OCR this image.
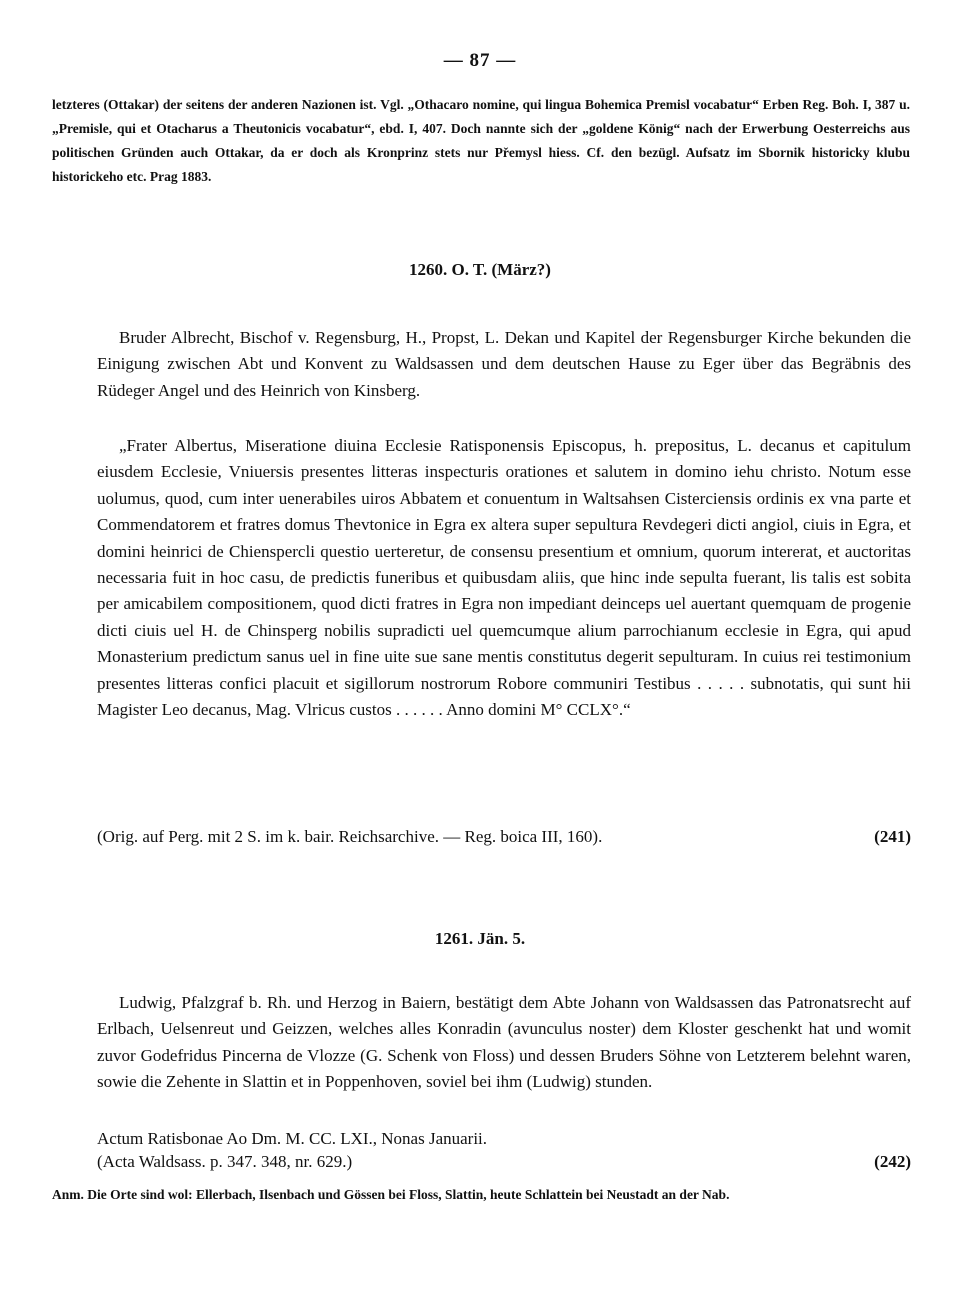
— 87 —
letzteres (Ottakar) der seitens der anderen Nazionen ist. Vgl. „Othacaro nomine, qui lingua Bohemica Premisl vocabatur“ Erben Reg. Boh. I, 387 u. „Premisle, qui et Otacharus a Theutonicis vocabatur“, ebd. I, 407. Doch nannte sich der „goldene König“ nach der Erwerbung Oesterreichs aus politischen Gründen auch Ottakar, da er doch als Kronprinz stets nur Přemysl hiess. Cf. den bezügl. Aufsatz im Sbornik historicky klubu historickeho etc. Prag 1883.
1260. O. T. (März?)

Bruder Albrecht, Bischof v. Regensburg, H., Propst, L. Dekan und Kapitel der Regensburger Kirche bekunden die Einigung zwischen Abt und Konvent zu Waldsassen und dem deutschen Hause zu Eger über das Begräbnis des Rüdeger Angel und des Heinrich von Kinsberg.

„Frater Albertus, Miseratione diuina Ecclesie Ratisponensis Episcopus, h. prepositus, L. decanus et capitulum eiusdem Ecclesie, Vniuersis presentes litteras inspecturis orationes et salutem in domino iehu christo. Notum esse uolumus, quod, cum inter uenerabiles uiros Abbatem et conuentum in Waltsahsen Cisterciensis ordinis ex vna parte et Commendatorem et fratres domus Thevtonice in Egra ex altera super sepultura Revdegeri dicti angiol, ciuis in Egra, et domini heinrici de Chienspercli questio uerteretur, de consensu presentium et omnium, quorum intererat, et auctoritas necessaria fuit in hoc casu, de predictis funeribus et quibusdam aliis, que hinc inde sepulta fuerant, lis talis est sobita per amicabilem compositionem, quod dicti fratres in Egra non impediant deinceps uel auertant quemquam de progenie dicti ciuis uel H. de Chinsperg nobilis supradicti uel quemcumque alium parrochianum ecclesie in Egra, qui apud Monasterium predictum sanus uel in fine uite sue sane mentis constitutus degerit sepulturam. In cuius rei testimonium presentes litteras confici placuit et sigillorum nostrorum Robore communiri Testibus . . . . . subnotatis, qui sunt hii Magister Leo decanus, Mag. Vlricus custos . . . . . . Anno domini M° CCLX°.“

(Orig. auf Perg. mit 2 S. im k. bair. Reichsarchive. — Reg. boica III, 160).	(241)
1261. Jän. 5.

Ludwig, Pfalzgraf b. Rh. und Herzog in Baiern, bestätigt dem Abte Johann von Waldsassen das Patronatsrecht auf Erlbach, Uelsenreut und Geizzen, welches alles Konradin (avunculus noster) dem Kloster geschenkt hat und womit zuvor Godefridus Pincerna de Vlozze (G. Schenk von Floss) und dessen Bruders Söhne von Letzterem belehnt waren, sowie die Zehente in Slattin et in Poppenhoven, soviel bei ihm (Ludwig) stunden.

Actum Ratisbonae Ao Dm. M. CC. LXI., Nonas Januarii.

(Acta Waldsass. p. 347. 348, nr. 629.)	(242)
Anm. Die Orte sind wol: Ellerbach, Ilsenbach und Gössen bei Floss, Slattin, heute Schlattein bei Neustadt an der Nab.
